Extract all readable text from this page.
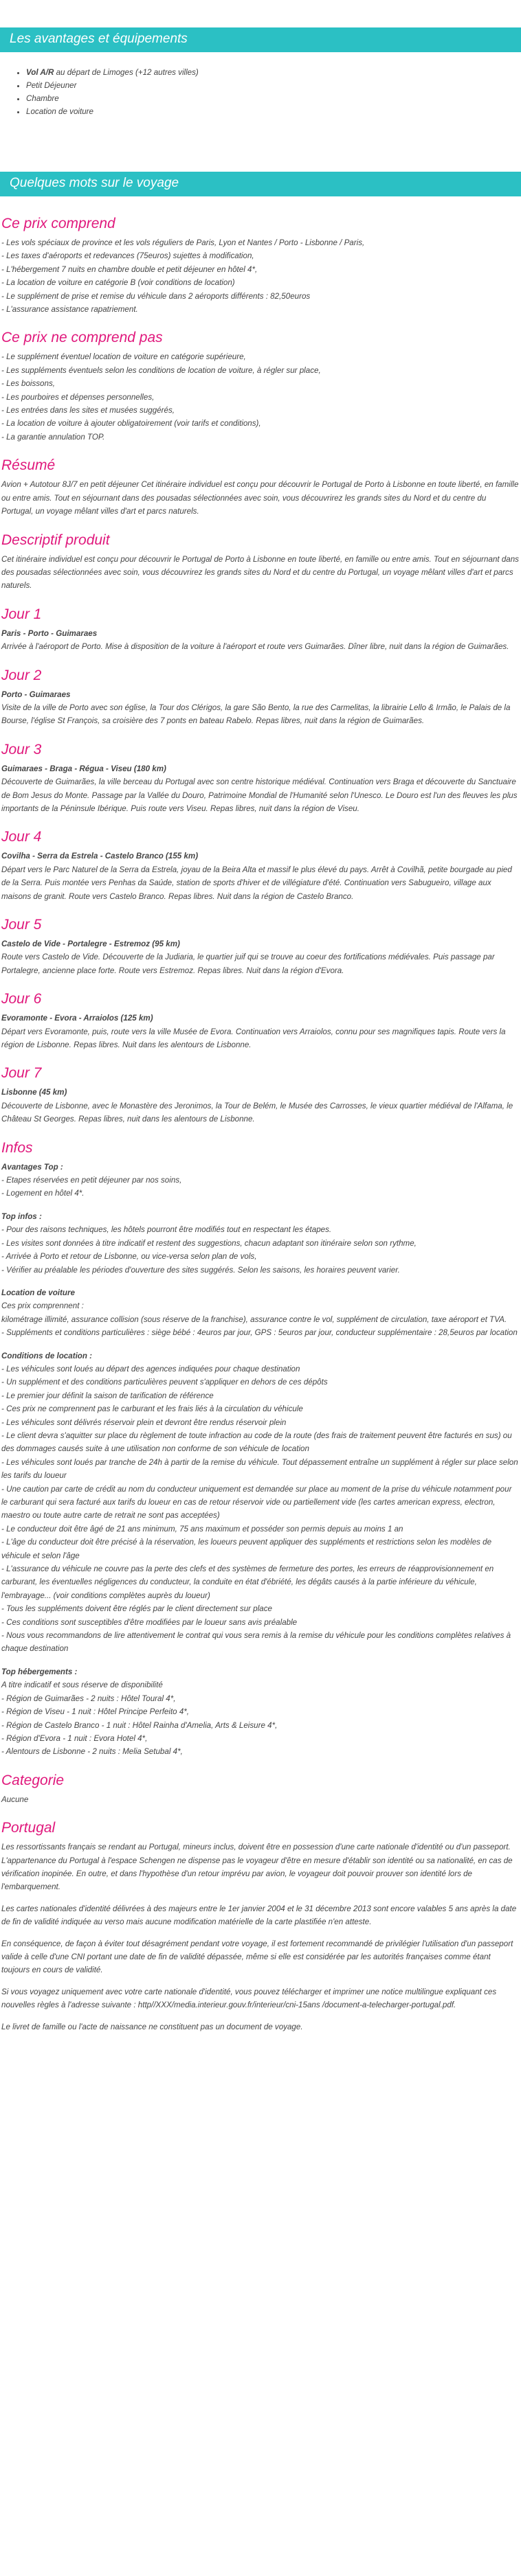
Les avantages et équipements
• Vol A/R au départ de Limoges (+12 autres villes)
• Petit Déjeuner
• Chambre
• Location de voiture
Quelques mots sur le voyage
Ce prix comprend
- Les vols spéciaux de province et les vols réguliers de Paris, Lyon et Nantes / Porto - Lisbonne / Paris,
- Les taxes d'aéroports et redevances (75euros) sujettes à modification,
- L'hébergement 7 nuits en chambre double et petit déjeuner en hôtel 4*,
- La location de voiture en catégorie B (voir conditions de location)
- Le supplément de prise et remise du véhicule dans 2 aéroports différents : 82,50euros
- L'assurance assistance rapatriement.
Ce prix ne comprend pas
- Le supplément éventuel location de voiture en catégorie supérieure,
- Les suppléments éventuels selon les conditions de location de voiture, à régler sur place,
- Les boissons,
- Les pourboires et dépenses personnelles,
- Les entrées dans les sites et musées suggérés,
- La location de voiture à ajouter obligatoirement (voir tarifs et conditions),
- La garantie annulation TOP.
Résumé

Avion + Autotour 8J/7 en petit déjeuner Cet itinéraire individuel est conçu pour découvrir le Portugal de Porto à Lisbonne en toute liberté, en famille ou entre amis. Tout en séjournant dans des pousadas sélectionnées avec soin, vous découvrirez les grands sites du Nord et du centre du Portugal, un voyage mêlant villes d'art et parcs naturels.

Descriptif produit

Cet itinéraire individuel est conçu pour découvrir le Portugal de Porto à Lisbonne en toute liberté, en famille ou entre amis. Tout en séjournant dans des pousadas sélectionnées avec soin, vous découvrirez les grands sites du Nord et du centre du Portugal, un voyage mêlant villes d'art et parcs naturels.

Jour 1
Paris - Porto - Guimaraes

Arrivée à l'aéroport de Porto. Mise à disposition de la voiture à l'aéroport et route vers Guimarães. Dîner libre, nuit dans la région de Guimarães.

Jour 2
Porto - Guimaraes

Visite de la ville de Porto avec son église, la Tour dos Clérigos, la gare São Bento, la rue des Carmelitas, la librairie Lello & Irmão, le Palais de la Bourse, l'église St François, sa croisière des 7 ponts en bateau Rabelo. Repas libres, nuit dans la région de Guimarães.

Jour 3
Guimaraes - Braga - Régua - Viseu (180 km)

Découverte de Guimarães, la ville berceau du Portugal avec son centre historique médiéval. Continuation vers Braga et découverte du Sanctuaire de Bom Jesus do Monte. Passage par la Vallée du Douro, Patrimoine Mondial de l'Humanité selon l'Unesco. Le Douro est l'un des fleuves les plus importants de la Péninsule Ibérique. Puis route vers Viseu. Repas libres, nuit dans la région de Viseu.

Jour 4
Covilha - Serra da Estrela - Castelo Branco (155 km)

Départ vers le Parc Naturel de la Serra da Estrela, joyau de la Beira Alta et massif le plus élevé du pays. Arrêt à Covilhã, petite bourgade au pied de la Serra. Puis montée vers Penhas da Saúde, station de sports d'hiver et de villégiature d'été. Continuation vers Sabugueiro, village aux maisons de granit. Route vers Castelo Branco. Repas libres. Nuit dans la région de Castelo Branco.

Jour 5
Castelo de Vide - Portalegre - Estremoz (95 km)

Route vers Castelo de Vide. Découverte de la Judiaria, le quartier juif qui se trouve au coeur des fortifications médiévales. Puis passage par Portalegre, ancienne place forte. Route vers Estremoz. Repas libres. Nuit dans la région d'Evora.

Jour 6
Evoramonte - Evora - Arraiolos (125 km)

Départ vers Evoramonte, puis, route vers la ville Musée de Evora. Continuation vers Arraiolos, connu pour ses magnifiques tapis. Route vers la région de Lisbonne. Repas libres. Nuit dans les alentours de Lisbonne.

Jour 7
Lisbonne (45 km)

Découverte de Lisbonne, avec le Monastère des Jeronimos, la Tour de Belém, le Musée des Carrosses, le vieux quartier médiéval de l'Alfama, le Château St Georges. Repas libres, nuit dans les alentours de Lisbonne.

Infos
Avantages Top :
- Etapes réservées en petit déjeuner par nos soins,
- Logement en hôtel 4*.
Top infos :
- Pour des raisons techniques, les hôtels pourront être modifiés tout en respectant les étapes.
- Les visites sont données à titre indicatif et restent des suggestions, chacun adaptant son itinéraire selon son rythme,
- Arrivée à Porto et retour de Lisbonne, ou vice-versa selon plan de vols,
- Vérifier au préalable les périodes d'ouverture des sites suggérés. Selon les saisons, les horaires peuvent varier.
Location de voiture
Ces prix comprennent :
kilométrage illimité, assurance collision (sous réserve de la franchise), assurance contre le vol, supplément de circulation, taxe aéroport et TVA.
- Suppléments et conditions particulières : siège bébé : 4euros par jour, GPS : 5euros par jour, conducteur supplémentaire : 28,5euros par location
Conditions de location :
- Les véhicules sont loués au départ des agences indiquées pour chaque destination
- Un supplément et des conditions particulières peuvent s'appliquer en dehors de ces dépôts
- Le premier jour définit la saison de tarification de référence
- Ces prix ne comprennent pas le carburant et les frais liés à la circulation du véhicule
- Les véhicules sont délivrés réservoir plein et devront être rendus réservoir plein
- Le client devra s'aquitter sur place du règlement de toute infraction au code de la route (des frais de traitement peuvent être facturés en sus) ou des dommages causés suite à une utilisation non conforme de son véhicule de location
- Les véhicules sont loués par tranche de 24h à partir de la remise du véhicule. Tout dépassement entraîne un supplément à régler sur place selon les tarifs du loueur
- Une caution par carte de crédit au nom du conducteur uniquement est demandée sur place au moment de la prise du véhicule notamment pour le carburant qui sera facturé aux tarifs du loueur en cas de retour réservoir vide ou partiellement vide (les cartes american express, electron, maestro ou toute autre carte de retrait ne sont pas acceptées)
- Le conducteur doit être âgé de 21 ans minimum, 75 ans maximum et posséder son permis depuis au moins 1 an
- L'âge du conducteur doit être précisé à la réservation, les loueurs peuvent appliquer des suppléments et restrictions selon les modèles de véhicule et selon l'âge
- L'assurance du véhicule ne couvre pas la perte des clefs et des systèmes de fermeture des portes, les erreurs de réapprovisionnement en carburant, les éventuelles négligences du conducteur, la conduite en état d'ébriété, les dégâts causés à la partie inférieure du véhicule, l'embrayage... (voir conditions complètes auprès du loueur)
- Tous les suppléments doivent être réglés par le client directement sur place
- Ces conditions sont susceptibles d'être modifiées par le loueur sans avis préalable
- Nous vous recommandons de lire attentivement le contrat qui vous sera remis à la remise du véhicule pour les conditions complètes relatives à chaque destination
Top hébergements :
A titre indicatif et sous réserve de disponibilité
- Région de Guimarães - 2 nuits : Hôtel Toural 4*,
- Région de Viseu - 1 nuit : Hôtel Principe Perfeito 4*,
- Région de Castelo Branco - 1 nuit : Hôtel Rainha d'Amelia, Arts & Leisure 4*,
- Région d'Evora - 1 nuit : Evora Hotel 4*,
- Alentours de Lisbonne - 2 nuits : Melia Setubal 4*,
Categorie

Aucune

Portugal

Les ressortissants français se rendant au Portugal, mineurs inclus, doivent être en possession d'une carte nationale d'identité ou d'un passeport. L'appartenance du Portugal à l'espace Schengen ne dispense pas le voyageur d'être en mesure d'établir son identité ou sa nationalité, en cas de vérification inopinée. En outre, et dans l'hypothèse d'un retour imprévu par avion, le voyageur doit pouvoir prouver son identité lors de l'embarquement.

Les cartes nationales d'identité délivrées à des majeurs entre le 1er janvier 2004 et le 31 décembre 2013 sont encore valables 5 ans après la date de fin de validité indiquée au verso mais aucune modification matérielle de la carte plastifiée n'en atteste.

En conséquence, de façon à éviter tout désagrément pendant votre voyage, il est fortement recommandé de privilégier l'utilisation d'un passeport valide à celle d'une CNI portant une date de fin de validité dépassée, même si elle est considérée par les autorités françaises comme étant toujours en cours de validité.

Si vous voyagez uniquement avec votre carte nationale d'identité, vous pouvez télécharger et imprimer une notice multilingue expliquant ces nouvelles règles à l'adresse suivante : http//XXX/media.interieur.gouv.fr/interieur/cni-15ans /document-a-telecharger-portugal.pdf.

Le livret de famille ou l'acte de naissance ne constituent pas un document de voyage.
